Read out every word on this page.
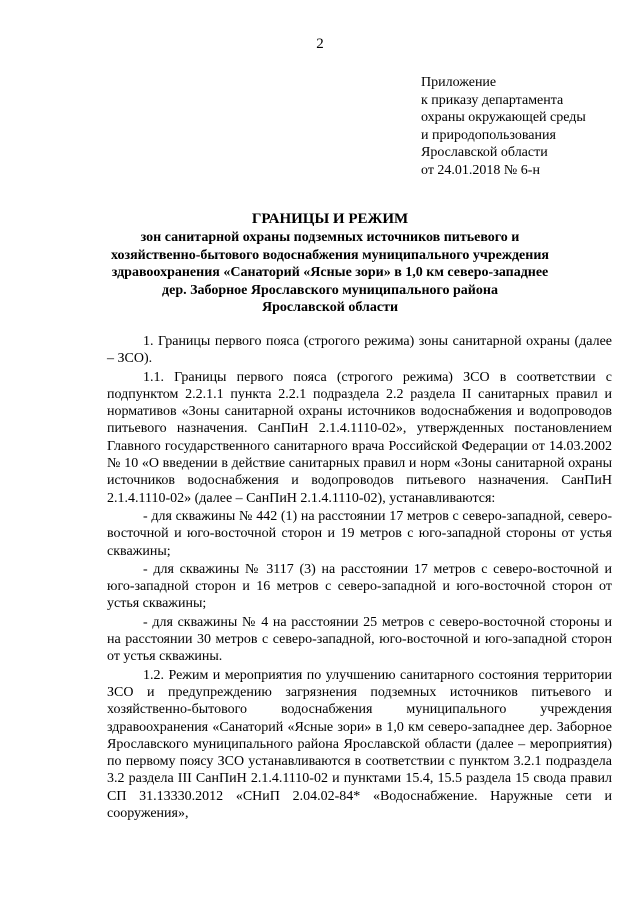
2
Приложение
к приказу департамента
охраны окружающей среды
и природопользования
Ярославской области
от 24.01.2018 № 6-н
ГРАНИЦЫ И РЕЖИМ
зон санитарной охраны подземных источников питьевого и
хозяйственно-бытового водоснабжения муниципального учреждения
здравоохранения «Санаторий «Ясные зори» в 1,0 км северо-западнее
дер. Заборное Ярославского муниципального района
Ярославской области

1. Границы первого пояса (строгого режима) зоны санитарной охраны (далее – ЗСО).

1.1. Границы первого пояса (строгого режима) ЗСО в соответствии с подпунктом 2.2.1.1 пункта 2.2.1 подраздела 2.2 раздела II санитарных правил и нормативов «Зоны санитарной охраны источников водоснабжения и водопроводов питьевого назначения. СанПиН 2.1.4.1110-02», утвержденных постановлением Главного государственного санитарного врача Российской Федерации от 14.03.2002 № 10 «О введении в действие санитарных правил и норм «Зоны санитарной охраны источников водоснабжения и водопроводов питьевого назначения. СанПиН 2.1.4.1110-02» (далее – СанПиН 2.1.4.1110-02), устанавливаются:

- для скважины № 442 (1) на расстоянии 17 метров с северо-западной, северо-восточной и юго-восточной сторон и 19 метров с юго-западной стороны от устья скважины;

- для скважины № 3117 (3) на расстоянии 17 метров с северо-восточной и юго-западной сторон и 16 метров с северо-западной и юго-восточной сторон от устья скважины;

- для скважины № 4 на расстоянии 25 метров с северо-восточной стороны и на расстоянии 30 метров с северо-западной, юго-восточной и юго-западной сторон от устья скважины.

1.2. Режим и мероприятия по улучшению санитарного состояния территории ЗСО и предупреждению загрязнения подземных источников питьевого и хозяйственно-бытового водоснабжения муниципального учреждения здравоохранения «Санаторий «Ясные зори» в 1,0 км северо-западнее дер. Заборное Ярославского муниципального района Ярославской области (далее – мероприятия) по первому поясу ЗСО устанавливаются в соответствии с пунктом 3.2.1 подраздела 3.2 раздела III СанПиН 2.1.4.1110-02 и пунктами 15.4, 15.5 раздела 15 свода правил СП 31.13330.2012 «СНиП 2.04.02-84* «Водоснабжение. Наружные сети и сооружения»,
